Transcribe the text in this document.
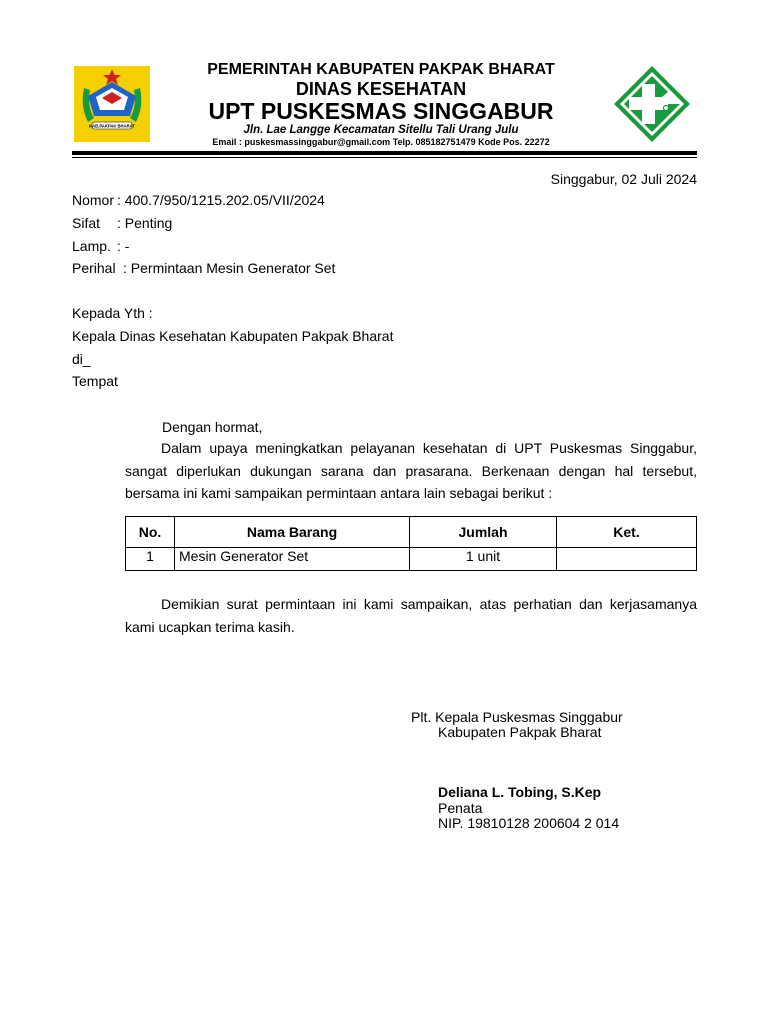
KAB.PAKPAK BHARAT
PEMERINTAH KABUPATEN PAKPAK BHARAT
DINAS KESEHATAN
UPT PUSKESMAS SINGGABUR
Jln. Lae Langge Kecamatan Sitellu Tali Urang Julu
Email : puskesmassinggabur@gmail.com Telp. 085182751479 Kode Pos. 22272
Singgabur, 02 Juli 2024
Nomor : 400.7/950/1215.202.05/VII/2024
Sifat : Penting
Lamp. : -
Perihal : Permintaan Mesin Generator Set
Kepada Yth :
Kepala Dinas Kesehatan Kabupaten Pakpak Bharat
di_
Tempat
Dengan hormat,
Dalam upaya meningkatkan pelayanan kesehatan di UPT Puskesmas Singgabur, sangat diperlukan dukungan sarana dan prasarana. Berkenaan dengan hal tersebut, bersama ini kami sampaikan permintaan antara lain sebagai berikut :
No.	Nama Barang	Jumlah	Ket.
1	Mesin Generator Set	1 unit	
Demikian surat permintaan ini kami sampaikan, atas perhatian dan kerjasamanya kami ucapkan terima kasih.
Plt. Kepala Puskesmas Singgabur
Kabupaten Pakpak Bharat
Deliana L. Tobing, S.Kep
Penata
NIP. 19810128 200604 2 014
